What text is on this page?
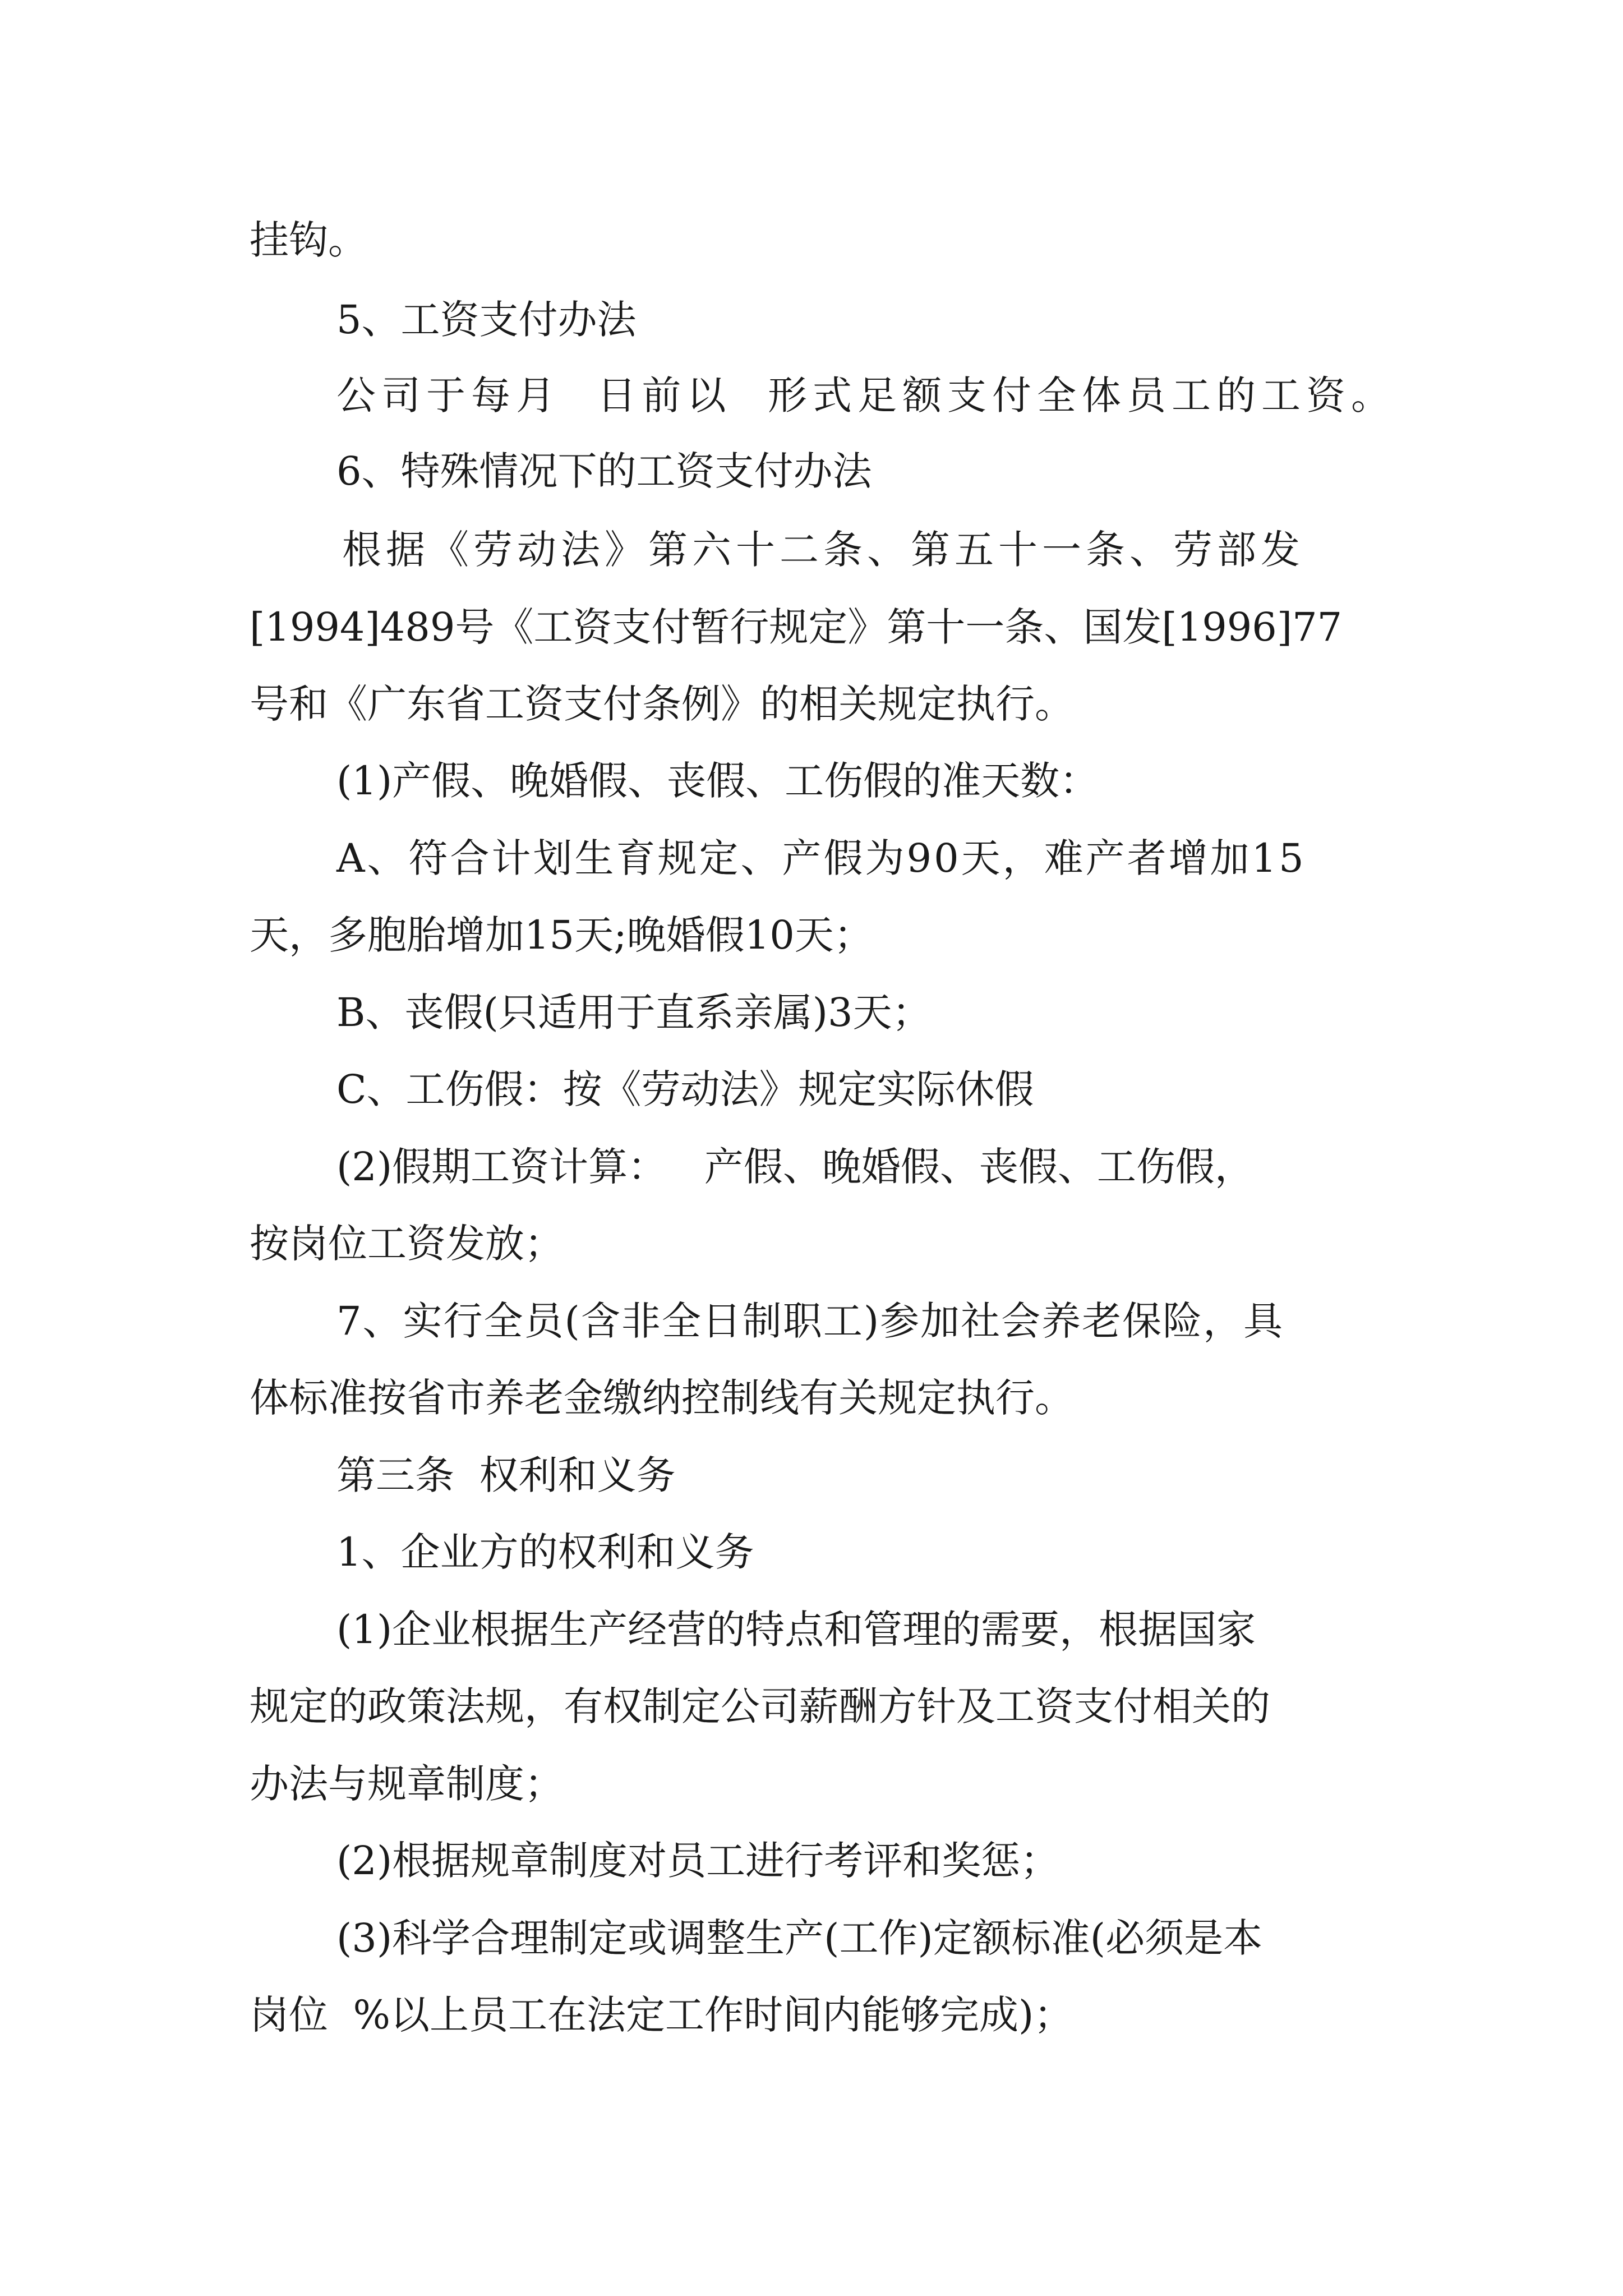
挂钩。
5、工资支付办法
公司于每月  日前以  形式足额支付全体员工的工资。
6、特殊情况下的工资支付办法
根据《劳动法》第六十二条、第五十一条、劳部发
[1994]489号《工资支付暂行规定》第十一条、国发[1996]77
号和《广东省工资支付条例》的相关规定执行。
(1)产假、晚婚假、丧假、工伤假的准天数：
A、符合计划生育规定、产假为90天，难产者增加15
天，多胞胎增加15天;晚婚假10天；
B、丧假(只适用于直系亲属)3天；
C、工伤假：按《劳动法》规定实际休假
(2)假期工资计算：   产假、晚婚假、丧假、工伤假，
按岗位工资发放；
7、实行全员(含非全日制职工)参加社会养老保险，具
体标准按省市养老金缴纳控制线有关规定执行。
第三条  权利和义务
1、企业方的权利和义务
(1)企业根据生产经营的特点和管理的需要，根据国家
规定的政策法规，有权制定公司薪酬方针及工资支付相关的
办法与规章制度；
(2)根据规章制度对员工进行考评和奖惩；
(3)科学合理制定或调整生产(工作)定额标准(必须是本
岗位  %以上员工在法定工作时间内能够完成)；
